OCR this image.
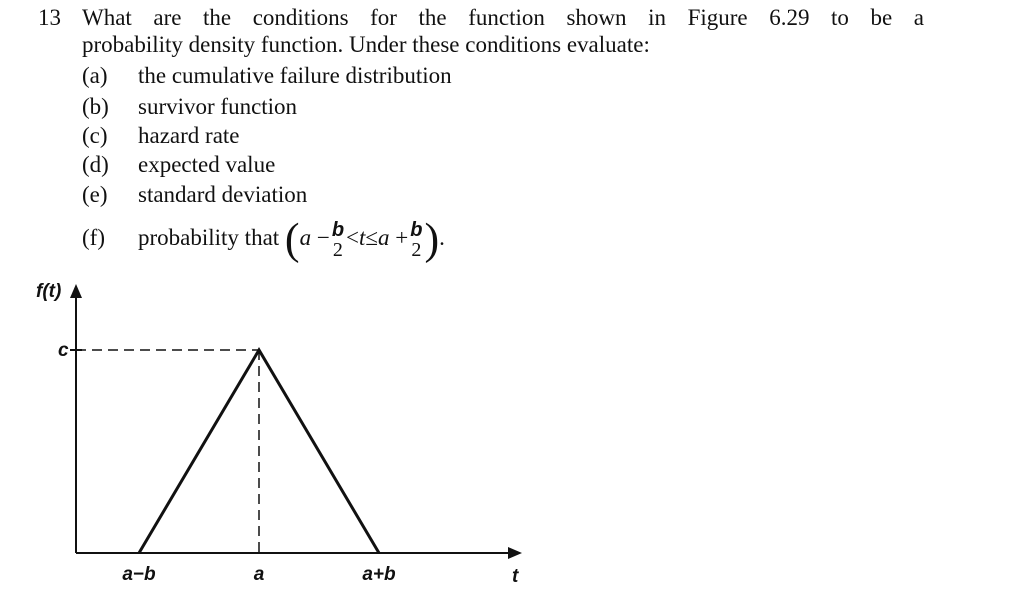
13 What are the conditions for the function shown in Figure 6.29 to be a
probability density function. Under these conditions evaluate:
(a) the cumulative failure distribution
(b) survivor function
(c) hazard rate
(d) expected value
(e) standard deviation
(f) probability that (a − b
2 <t≤a + b
2 ).
f(t)
c
a−b	a	a+b	t
